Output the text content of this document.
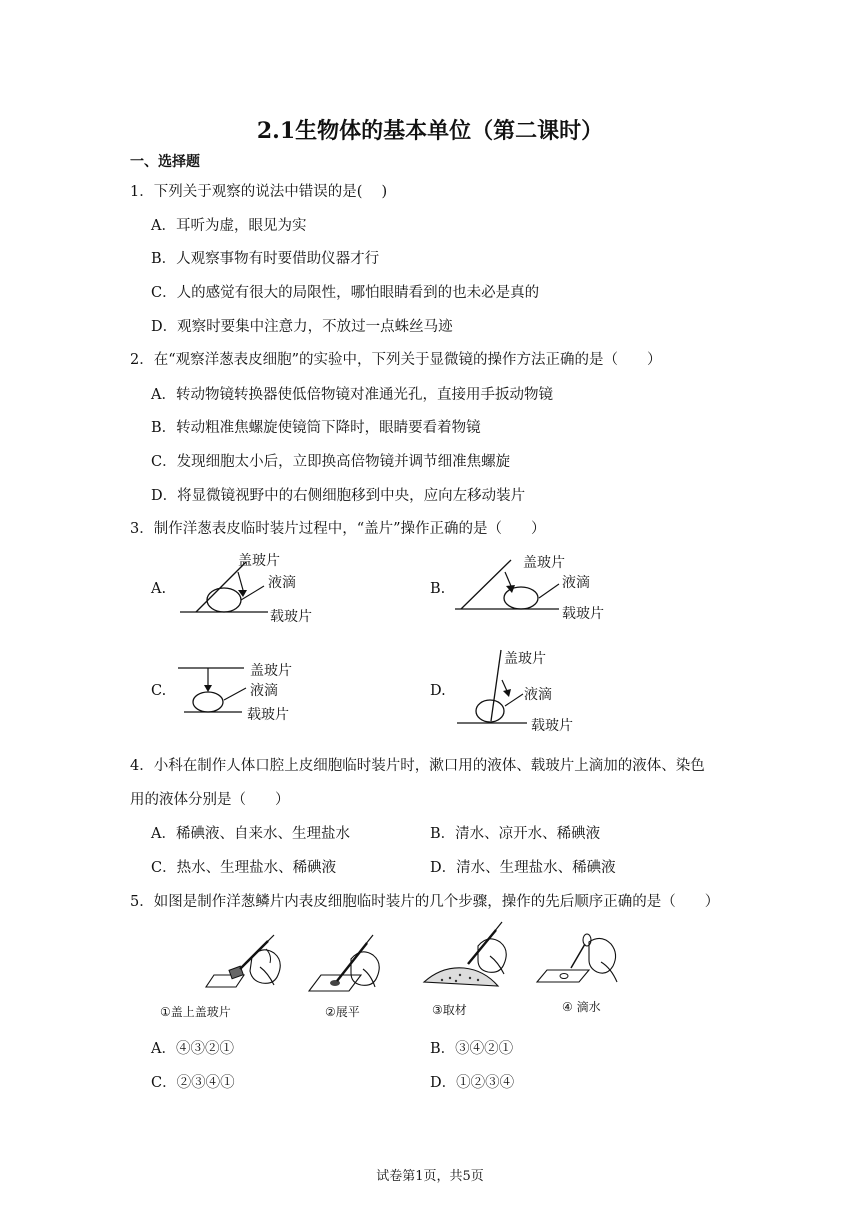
2.1生物体的基本单位（第二课时）
一、选择题
1．下列关于观察的说法中错误的是(　 )
A．耳听为虚，眼见为实
B．人观察事物有时要借助仪器才行
C．人的感觉有很大的局限性，哪怕眼睛看到的也未必是真的
D．观察时要集中注意力，不放过一点蛛丝马迹
2．在“观察洋葱表皮细胞”的实验中，下列关于显微镜的操作方法正确的是（　　）
A．转动物镜转换器使低倍物镜对准通光孔，直接用手扳动物镜
B．转动粗准焦螺旋使镜筒下降时，眼睛要看着物镜
C．发现细胞太小后，立即换高倍物镜并调节细准焦螺旋
D．将显微镜视野中的右侧细胞移到中央，应向左移动装片
3．制作洋葱表皮临时装片过程中，“盖片”操作正确的是（　　）
A.
盖玻片
液滴
载玻片
B.
盖玻片
液滴
载玻片
C.
盖玻片
液滴
载玻片
D.
盖玻片
液滴
载玻片
4．小科在制作人体口腔上皮细胞临时装片时，漱口用的液体、载玻片上滴加的液体、染色
用的液体分别是（　　）
A．稀碘液、自来水、生理盐水	B．清水、凉开水、稀碘液
C．热水、生理盐水、稀碘液	D．清水、生理盐水、稀碘液
5．如图是制作洋葱鳞片内表皮细胞临时装片的几个步骤，操作的先后顺序正确的是（　　）
①盖上盖玻片	②展平	③取材	④ 滴水
A．④③②①	B．③④②①
C．②③④①	D．①②③④
试卷第1页，共5页
